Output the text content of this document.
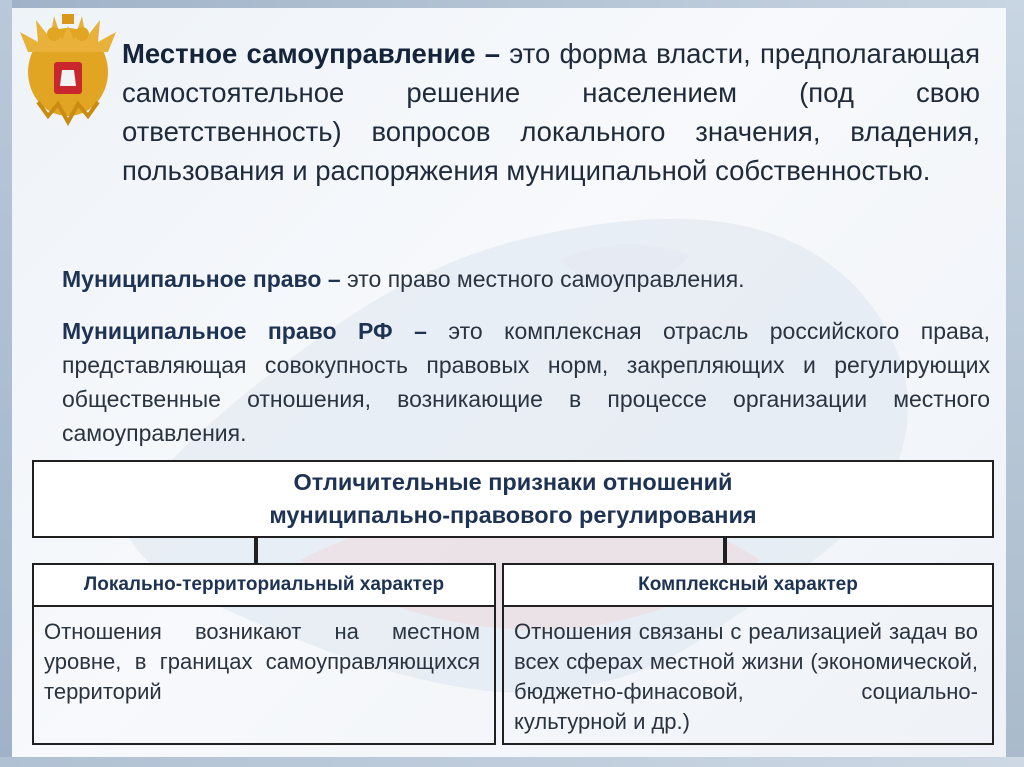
Местное самоуправление – это форма власти, предполагающая самостоятельное решение населением (под свою ответственность) вопросов локального значения, владения, пользования и распоряжения муниципальной собственностью.
Муниципальное право – это право местного самоуправления.
Муниципальное право РФ – это комплексная отрасль российского права, представляющая совокупность правовых норм, закрепляющих и регулирующих общественные отношения, возникающие в процессе организации местного самоуправления.
Отличительные признаки отношений
муниципально-правового регулирования
Локально-территориальный характер
Отношения возникают на местном уровне, в границах самоуправляющихся территорий
Комплексный характер
Отношения связаны с реализацией задач во всех сферах местной жизни (экономической, бюджетно-финасовой, социально-культурной и др.)
